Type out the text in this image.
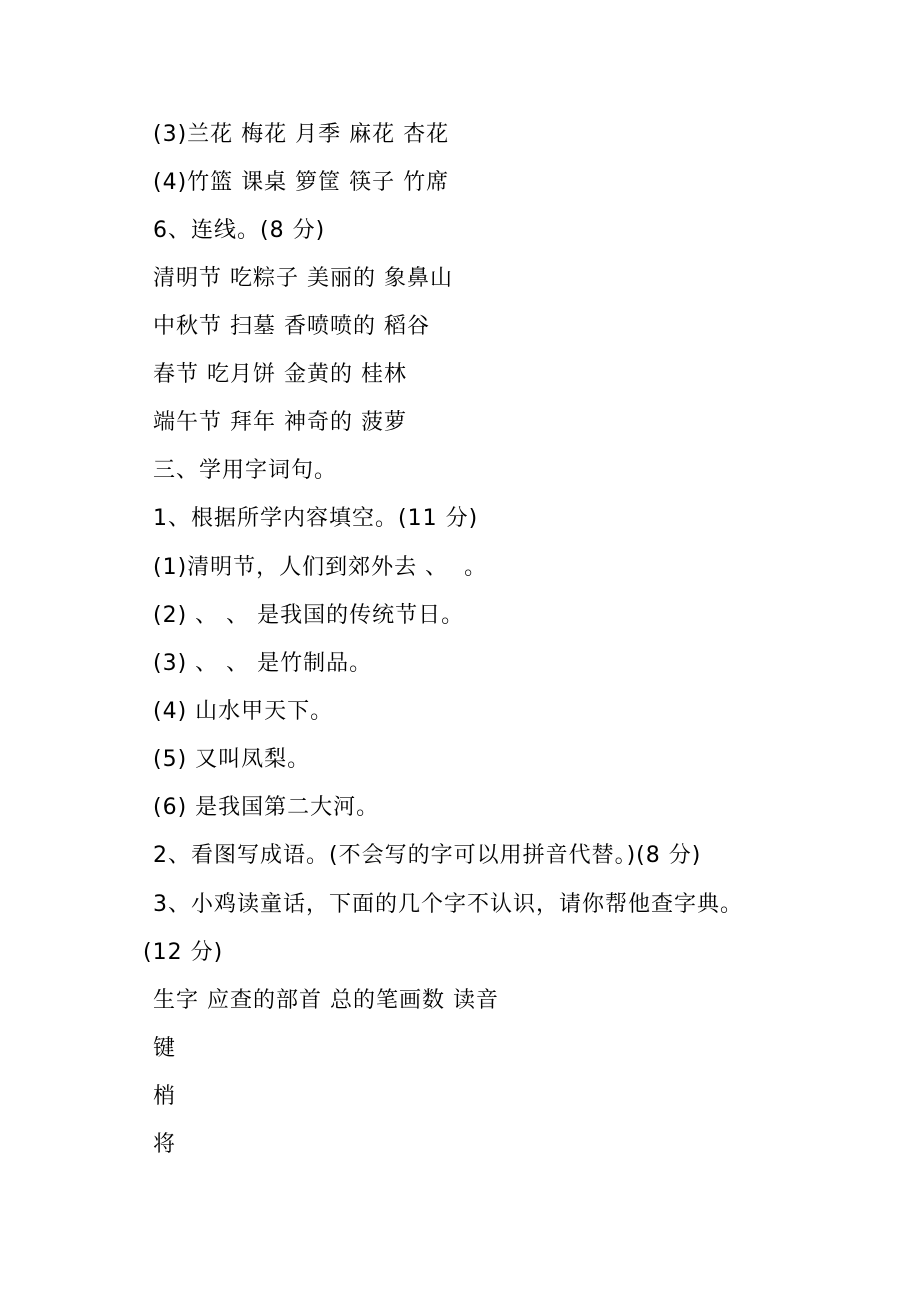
(3)兰花 梅花 月季 麻花 杏花
(4)竹篮 课桌 箩筐 筷子 竹席
6、连线。(8 分)
清明节 吃粽子 美丽的 象鼻山
中秋节 扫墓 香喷喷的 稻谷
春节 吃月饼 金黄的 桂林
端午节 拜年 神奇的 菠萝
三、学用字词句。
1、根据所学内容填空。(11 分)
(1)清明节，人们到郊外去 、  。
(2) 、 、 是我国的传统节日。
(3) 、 、 是竹制品。
(4) 山水甲天下。
(5) 又叫凤梨。
(6) 是我国第二大河。
2、看图写成语。(不会写的字可以用拼音代替。)(8 分)
3、小鸡读童话，下面的几个字不认识，请你帮他查字典。
(12 分)
生字 应查的部首 总的笔画数 读音
键
梢
将
